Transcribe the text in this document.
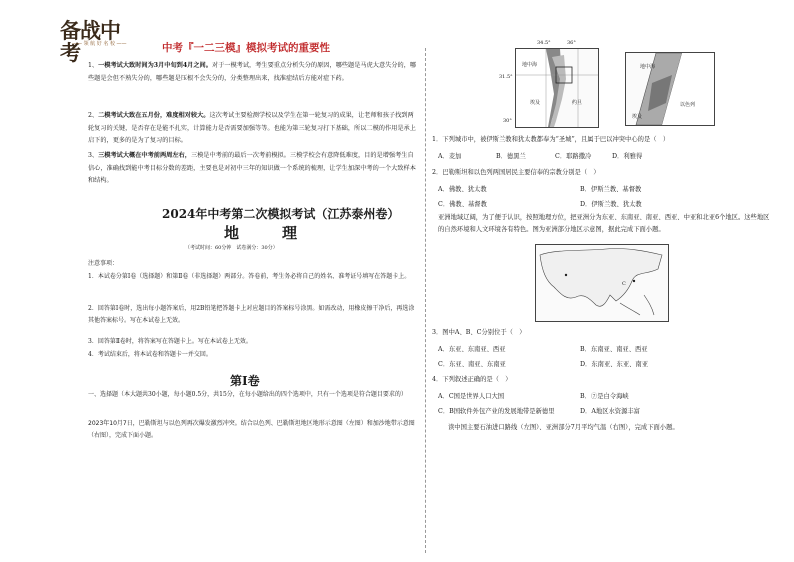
备战中考
—— 领 航 好 名 校 ——	中考『一二三模』模拟考试的重要性
1、一模考试大致时间为3月中旬到4月之间。对于一模考试，考生要重点分析失分的原因，哪些题是马虎大意失分的，哪些题是会但不熟失分的，哪些题是压根不会失分的，分类整理出来，找准症结后方能对症下药。
2、二模考试大致在五月份，难度相对较大。这次考试主要检测学校以及学生在第一轮复习的成果，让老师和孩子找到两轮复习的关键，是否存在是能不扎实，计算能力是否需要加强等等。也能为第三轮复习打下基础，所以二模的作用是承上启下的，更多的是为了复习的目标。
3、三模考试大概在中考前两周左右，三模是中考前的最后一次考前模拟。三模学校会有意降低难度，目的是增强考生自信心，准确找到能中考目标分数的差距，主要也是对初中三年的知识做一个系统的梳理，让学生加深中考的一个大致样本和结构。
2024年中考第二次模拟考试（江苏泰州卷）
地　理
（考试时间：60分钟　试卷满分：30分）
注意事项：
1．本试卷分第Ⅰ卷（选择题）和第Ⅱ卷（非选择题）两部分。答卷前，考生务必将自己的姓名、准考证号填写在答题卡上。
2．回答第Ⅰ卷时，选出每小题答案后，用2B铅笔把答题卡上对应题目的答案标号涂黑。如需改动，用橡皮擦干净后，再选涂其他答案标号。写在本试卷上无效。
3．回答第Ⅱ卷时，将答案写在答题卡上。写在本试卷上无效。
4．考试结束后，将本试卷和答题卡一并交回。
第Ⅰ卷
一、选择题（本大题共30小题，每小题0.5分，共15分，在每小题给出的四个选项中，只有一个选项是符合题目要求的）
2023年10月7日，巴勒斯坦与以色列再次爆发激烈冲突。结合以色列、巴勒斯坦地区地形示意图（左图）和加沙地带示意图（右图），完成下面小题。
34.5°	36°
地中海
埃及	约旦
31.5°
30°
地中海
埃及
以色列
1．下列城市中，被伊斯兰教和犹太教都奉为“圣城”，且属于巴以冲突中心的是（　）
A．麦加	B．德黑兰	C．耶路撒冷	D．利雅得
2．巴勒斯坦和以色列两国居民主要信奉的宗教分别是（　）
A．佛教、犹太教	B．伊斯兰教、基督教
C．佛教、基督教	D．伊斯兰教、犹太教
亚洲地域辽阔，为了便于认识，按照地理方位，把亚洲分为东亚、东南亚、南亚、西亚、中亚和北亚6个地区。这些地区的自然环境和人文环境各有特色。图为亚洲部分地区示意图，据此完成下面小题。
C
3．图中A、B、C分别位于（　）
A．东亚、东南亚、西亚	B．东南亚、南亚、西亚
C．东亚、南亚、东南亚	D．东南亚、东亚、南亚
4．下列叙述正确的是（　）
A．C国是世界人口大国	B．⑦是白令海峡
C．B国软件外包产业的发展地带是新德里	D．A地区水资源丰富
读中国主要石油进口路线（左图）、亚洲部分7月平均气温（右图），完成下面小题。
